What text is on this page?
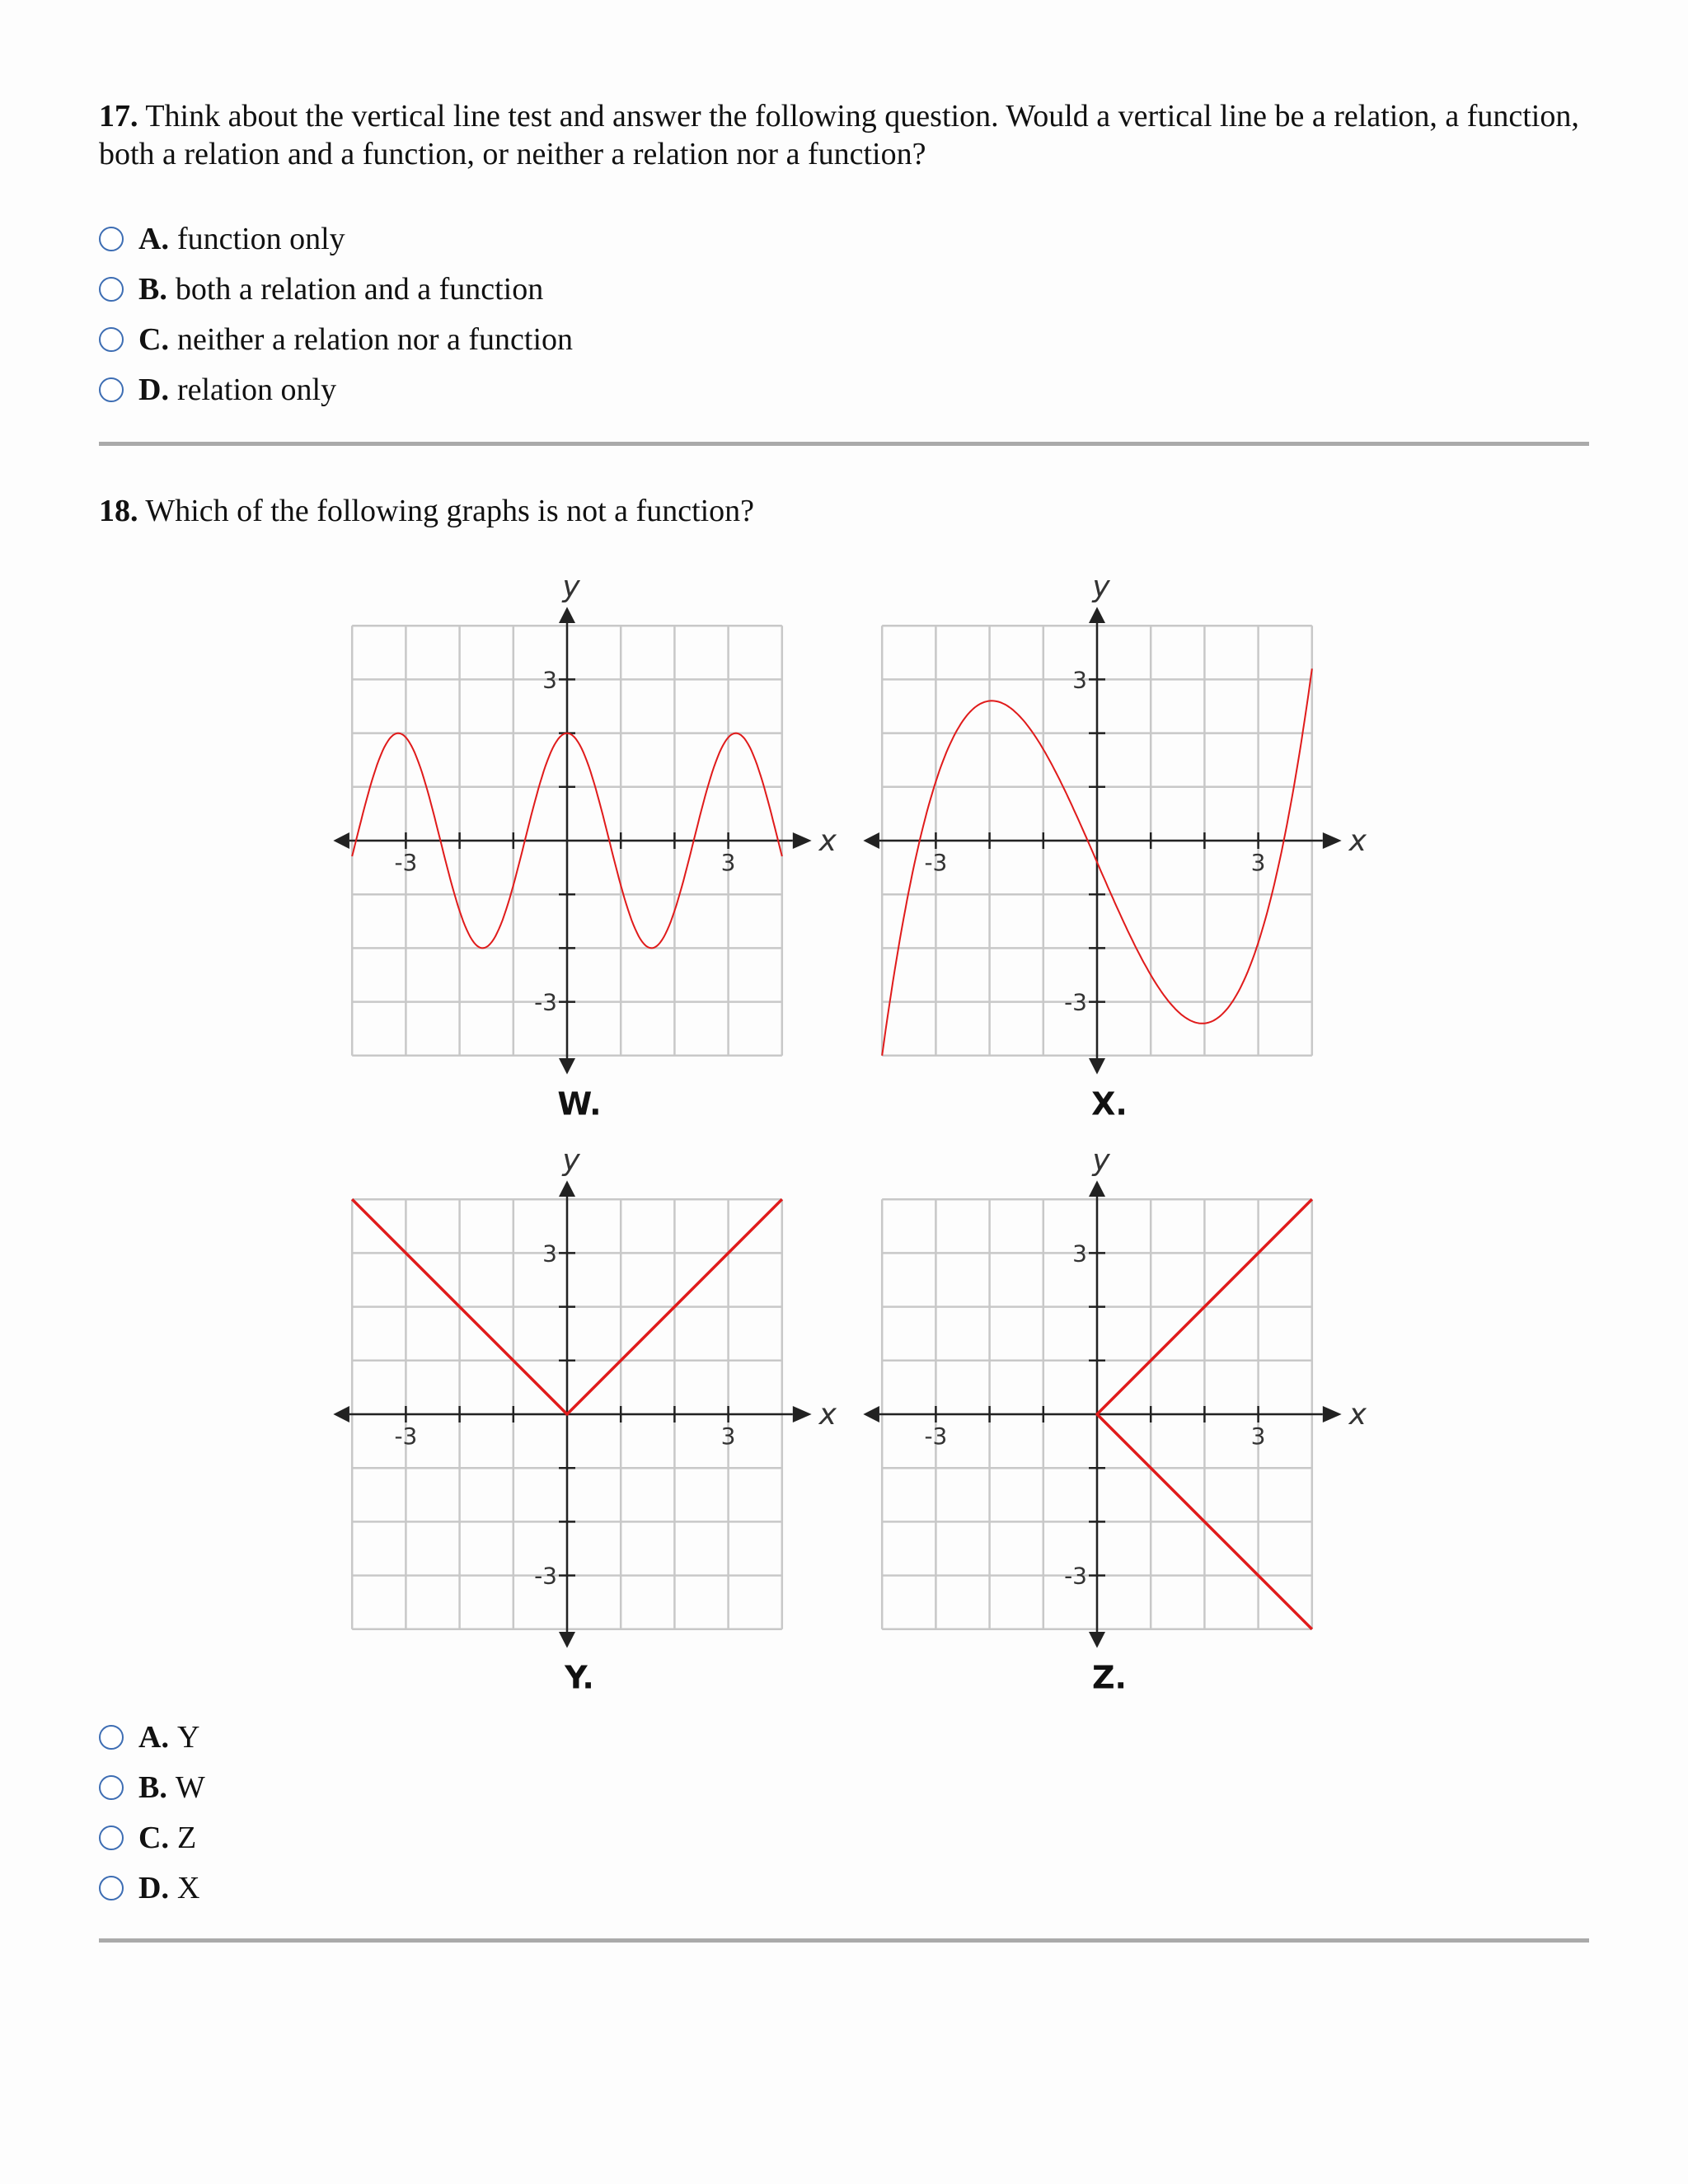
17. Think about the vertical line test and answer the following question. Would a vertical line be a relation, a function, both a relation and a function, or neither a relation nor a function?

A. function only
B. both a relation and a function
C. neither a relation nor a function
D. relation only

18. Which of the following graphs is not a function?

-3	3
3
-3
x
y
W.
-3	3
3
-3
x
y
X.
-3	3
3
-3
x
y
Y.
-3	3
3
-3
x
y
Z.
A. Y
B. W
C. Z
D. X
